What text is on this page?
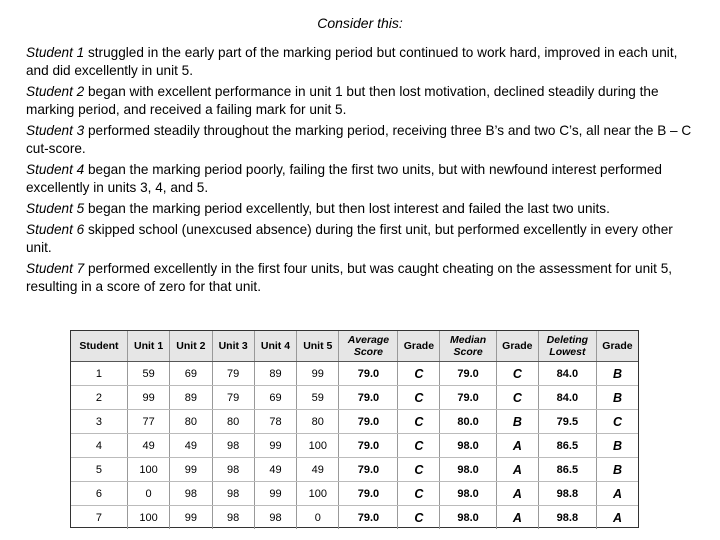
Consider this:

Student 1 struggled in the early part of the marking period but continued to work hard, improved in each unit, and did excellently in unit 5.

Student 2 began with excellent performance in unit 1 but then lost motivation, declined steadily during the marking period, and received a failing mark for unit 5.

Student 3 performed steadily throughout the marking period, receiving three B’s and two C’s, all near the B – C cut-score.

Student 4 began the marking period poorly, failing the first two units, but with newfound interest performed excellently in units 3, 4, and 5.

Student 5 began the marking period excellently, but then lost interest and failed the last two units.

Student 6 skipped school (unexcused absence) during the first unit, but performed excellently in every other unit.

Student 7 performed excellently in the first four units, but was caught cheating on the assessment for unit 5, resulting in a score of zero for that unit.

Student	Unit 1	Unit 2	Unit 3	Unit 4	Unit 5	Average Score	Grade	Median Score	Grade	Deleting Lowest	Grade
1	59	69	79	89	99	79.0	C	79.0	C	84.0	B
2	99	89	79	69	59	79.0	C	79.0	C	84.0	B
3	77	80	80	78	80	79.0	C	80.0	B	79.5	C
4	49	49	98	99	100	79.0	C	98.0	A	86.5	B
5	100	99	98	49	49	79.0	C	98.0	A	86.5	B
6	0	98	98	99	100	79.0	C	98.0	A	98.8	A
7	100	99	98	98	0	79.0	C	98.0	A	98.8	A
